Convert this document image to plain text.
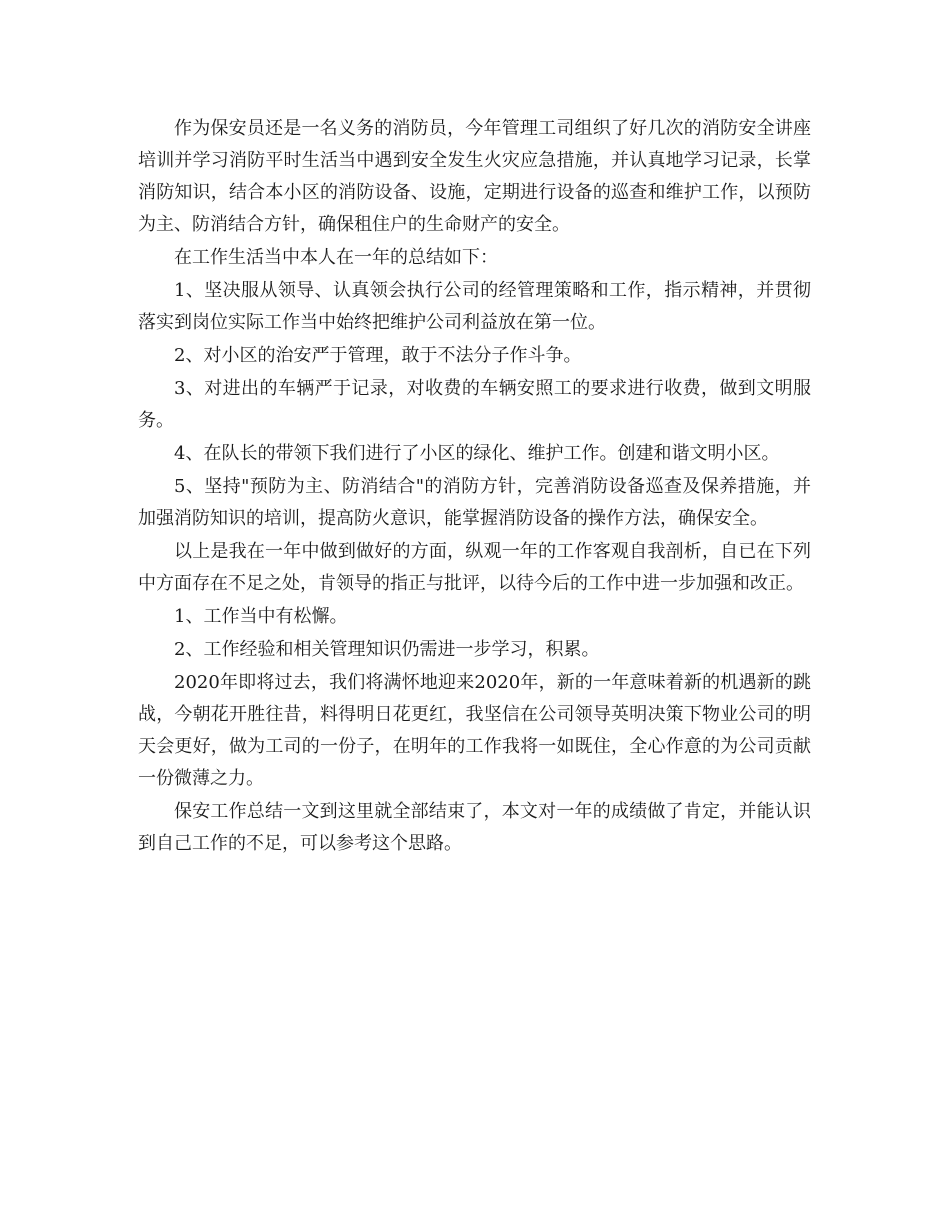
作为保安员还是一名义务的消防员，今年管理工司组织了好几次的消防安全讲座培训并学习消防平时生活当中遇到安全发生火灾应急措施，并认真地学习记录，长掌消防知识，结合本小区的消防设备、设施，定期进行设备的巡查和维护工作，以预防为主、防消结合方针，确保租住户的生命财产的安全。

在工作生活当中本人在一年的总结如下：

1、坚决服从领导、认真领会执行公司的经管理策略和工作，指示精神，并贯彻落实到岗位实际工作当中始终把维护公司利益放在第一位。

2、对小区的治安严于管理，敢于不法分子作斗争。

3、对进出的车辆严于记录，对收费的车辆安照工的要求进行收费，做到文明服务。

4、在队长的带领下我们进行了小区的绿化、维护工作。创建和谐文明小区。

5、坚持"预防为主、防消结合"的消防方针，完善消防设备巡查及保养措施，并加强消防知识的培训，提高防火意识，能掌握消防设备的操作方法，确保安全。

以上是我在一年中做到做好的方面，纵观一年的工作客观自我剖析，自已在下列中方面存在不足之处，肯领导的指正与批评，以待今后的工作中进一步加强和改正。

1、工作当中有松懈。

2、工作经验和相关管理知识仍需进一步学习，积累。

2020年即将过去，我们将满怀地迎来2020年，新的一年意味着新的机遇新的跳战，今朝花开胜往昔，料得明日花更红，我坚信在公司领导英明决策下物业公司的明天会更好，做为工司的一份子，在明年的工作我将一如既住，全心作意的为公司贡献一份微薄之力。

保安工作总结一文到这里就全部结束了，本文对一年的成绩做了肯定，并能认识到自己工作的不足，可以参考这个思路。
